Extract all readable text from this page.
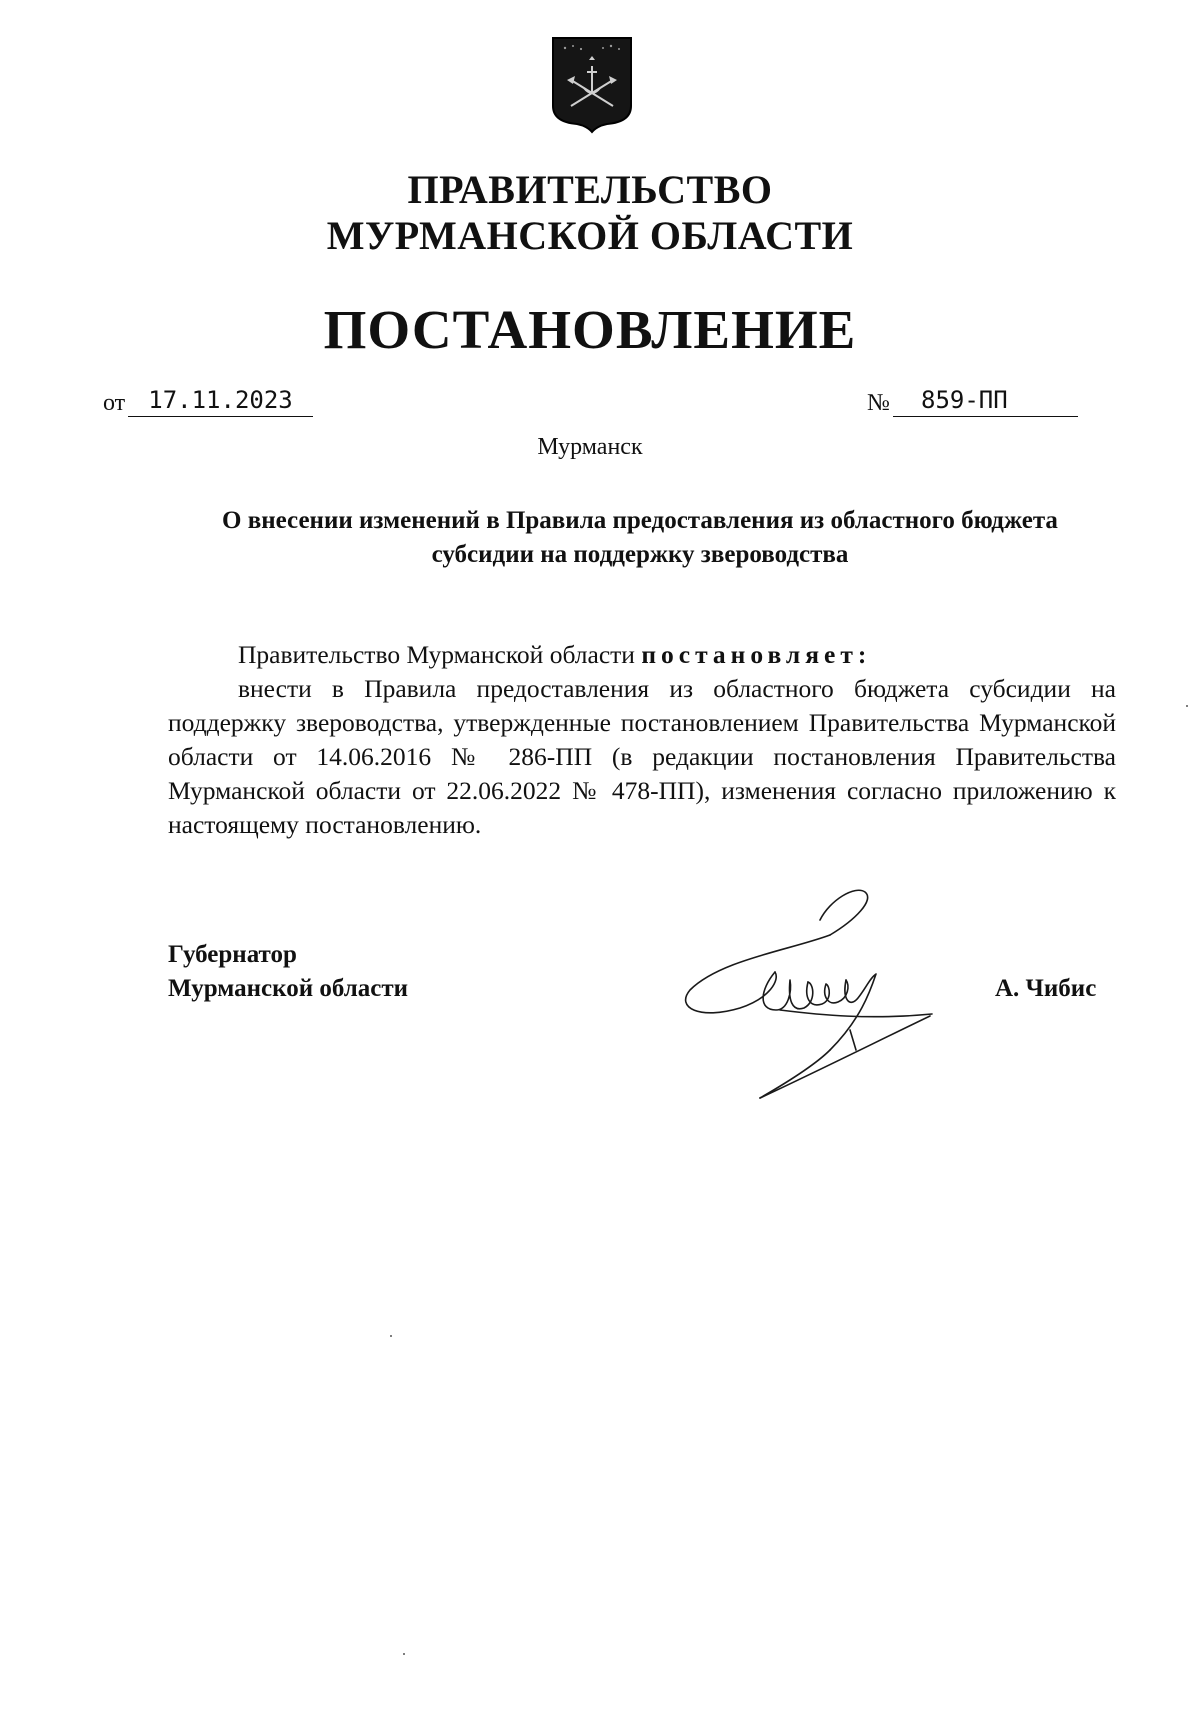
ПРАВИТЕЛЬСТВО
МУРМАНСКОЙ ОБЛАСТИ
ПОСТАНОВЛЕНИЕ
от 17.11.2023	№	859-ПП
Мурманск
О внесении изменений в Правила предоставления из областного бюджета субсидии на поддержку звероводства

Правительство Мурманской области постановляет:

внести в Правила предоставления из областного бюджета субсидии на поддержку звероводства, утвержденные постановлением Правительства Мурманской области от 14.06.2016 № 286-ПП (в редакции постановления Правительства Мурманской области от 22.06.2022 № 478-ПП), изменения согласно приложению к настоящему постановлению.

Губернатор
Мурманской области	А. Чибис
